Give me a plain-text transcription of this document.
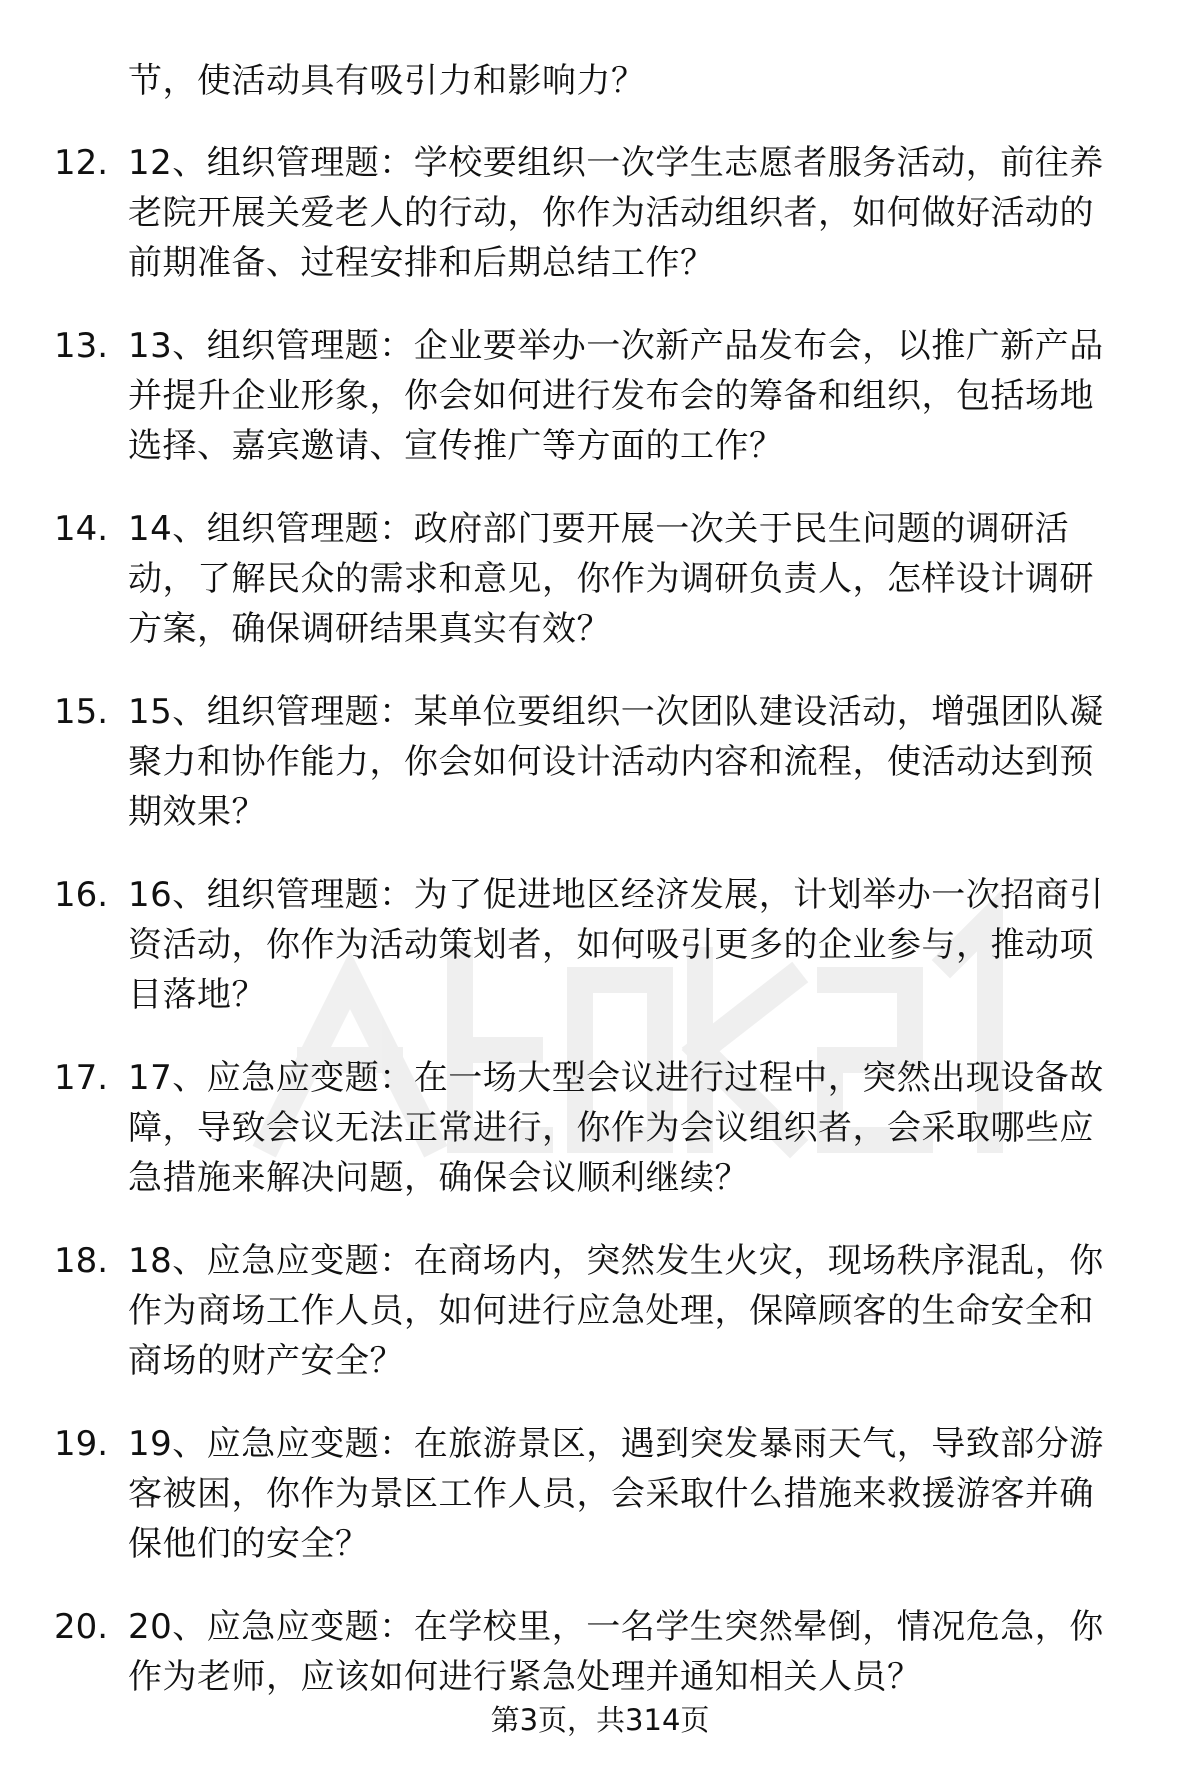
节，使活动具有吸引力和影响力？
12. 12、组织管理题：学校要组织一次学生志愿者服务活动，前往养
老院开展关爱老人的行动，你作为活动组织者，如何做好活动的
前期准备、过程安排和后期总结工作？
13. 13、组织管理题：企业要举办一次新产品发布会，以推广新产品
并提升企业形象，你会如何进行发布会的筹备和组织，包括场地
选择、嘉宾邀请、宣传推广等方面的工作？
14. 14、组织管理题：政府部门要开展一次关于民生问题的调研活
动，了解民众的需求和意见，你作为调研负责人，怎样设计调研
方案，确保调研结果真实有效？
15. 15、组织管理题：某单位要组织一次团队建设活动，增强团队凝
聚力和协作能力，你会如何设计活动内容和流程，使活动达到预
期效果？
16. 16、组织管理题：为了促进地区经济发展，计划举办一次招商引
资活动，你作为活动策划者，如何吸引更多的企业参与，推动项
目落地？
17. 17、应急应变题：在一场大型会议进行过程中，突然出现设备故
障，导致会议无法正常进行，你作为会议组织者，会采取哪些应
急措施来解决问题，确保会议顺利继续？
18. 18、应急应变题：在商场内，突然发生火灾，现场秩序混乱，你
作为商场工作人员，如何进行应急处理，保障顾客的生命安全和
商场的财产安全？
19. 19、应急应变题：在旅游景区，遇到突发暴雨天气，导致部分游
客被困，你作为景区工作人员，会采取什么措施来救援游客并确
保他们的安全？
20. 20、应急应变题：在学校里，一名学生突然晕倒，情况危急，你
作为老师，应该如何进行紧急处理并通知相关人员？
第3页，共314页
